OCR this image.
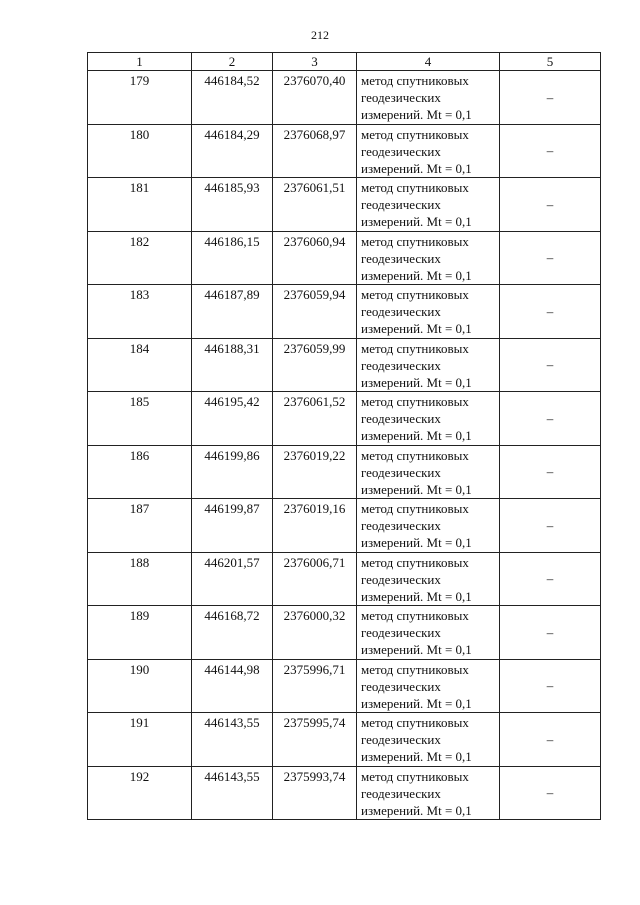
212
1	2	3	4	5
179	446184,52	2376070,40	метод спутниковых
геодезических
измерений. Mt = 0,1	–
180	446184,29	2376068,97	метод спутниковых
геодезических
измерений. Mt = 0,1	–
181	446185,93	2376061,51	метод спутниковых
геодезических
измерений. Mt = 0,1	–
182	446186,15	2376060,94	метод спутниковых
геодезических
измерений. Mt = 0,1	–
183	446187,89	2376059,94	метод спутниковых
геодезических
измерений. Mt = 0,1	–
184	446188,31	2376059,99	метод спутниковых
геодезических
измерений. Mt = 0,1	–
185	446195,42	2376061,52	метод спутниковых
геодезических
измерений. Mt = 0,1	–
186	446199,86	2376019,22	метод спутниковых
геодезических
измерений. Mt = 0,1	–
187	446199,87	2376019,16	метод спутниковых
геодезических
измерений. Mt = 0,1	–
188	446201,57	2376006,71	метод спутниковых
геодезических
измерений. Mt = 0,1	–
189	446168,72	2376000,32	метод спутниковых
геодезических
измерений. Mt = 0,1	–
190	446144,98	2375996,71	метод спутниковых
геодезических
измерений. Mt = 0,1	–
191	446143,55	2375995,74	метод спутниковых
геодезических
измерений. Mt = 0,1	–
192	446143,55	2375993,74	метод спутниковых
геодезических
измерений. Mt = 0,1	–
